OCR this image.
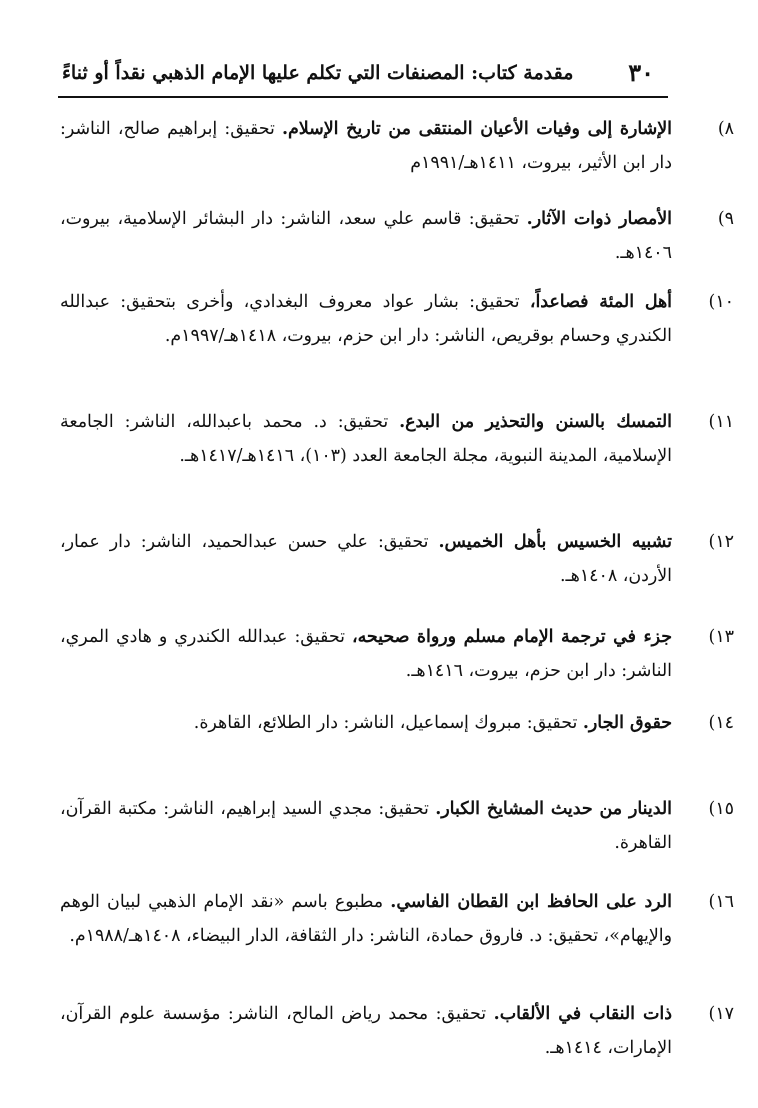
٣٠
مقدمة كتاب: المصنفات التي تكلم عليها الإمام الذهبي نقداً أو ثناءً
٨)

الإشارة إلى وفيات الأعيان المنتقى من تاريخ الإسلام. تحقيق: إبراهيم صالح، الناشر: دار ابن الأثير، بيروت، ١٤١١هـ/١٩٩١م

٩)

الأمصار ذوات الآثار. تحقيق: قاسم علي سعد، الناشر: دار البشائر الإسلامية، بيروت، ١٤٠٦هـ.

١٠)

أهل المئة فصاعداً، تحقيق: بشار عواد معروف البغدادي، وأخرى بتحقيق: عبدالله الكندري وحسام بوقريص، الناشر: دار ابن حزم، بيروت، ١٤١٨هـ/١٩٩٧م.

١١)

التمسك بالسنن والتحذير من البدع. تحقيق: د. محمد باعبدالله، الناشر: الجامعة الإسلامية، المدينة النبوية، مجلة الجامعة العدد (١٠٣)، ١٤١٦هـ/١٤١٧هـ.

١٢)

تشبيه الخسيس بأهل الخميس. تحقيق: علي حسن عبدالحميد، الناشر: دار عمار، الأردن، ١٤٠٨هـ.

١٣)

جزء في ترجمة الإمام مسلم ورواة صحيحه، تحقيق: عبدالله الكندري و هادي المري، الناشر: دار ابن حزم، بيروت، ١٤١٦هـ.

١٤)

حقوق الجار. تحقيق: مبروك إسماعيل، الناشر: دار الطلائع، القاهرة.

١٥)

الدينار من حديث المشايخ الكبار. تحقيق: مجدي السيد إبراهيم، الناشر: مكتبة القرآن، القاهرة.

١٦)

الرد على الحافظ ابن القطان الفاسي. مطبوع باسم «نقد الإمام الذهبي لبيان الوهم والإيهام»، تحقيق: د. فاروق حمادة، الناشر: دار الثقافة، الدار البيضاء، ١٤٠٨هـ/١٩٨٨م.

١٧)

ذات النقاب في الألقاب. تحقيق: محمد رياض المالح، الناشر: مؤسسة علوم القرآن، الإمارات، ١٤١٤هـ.
